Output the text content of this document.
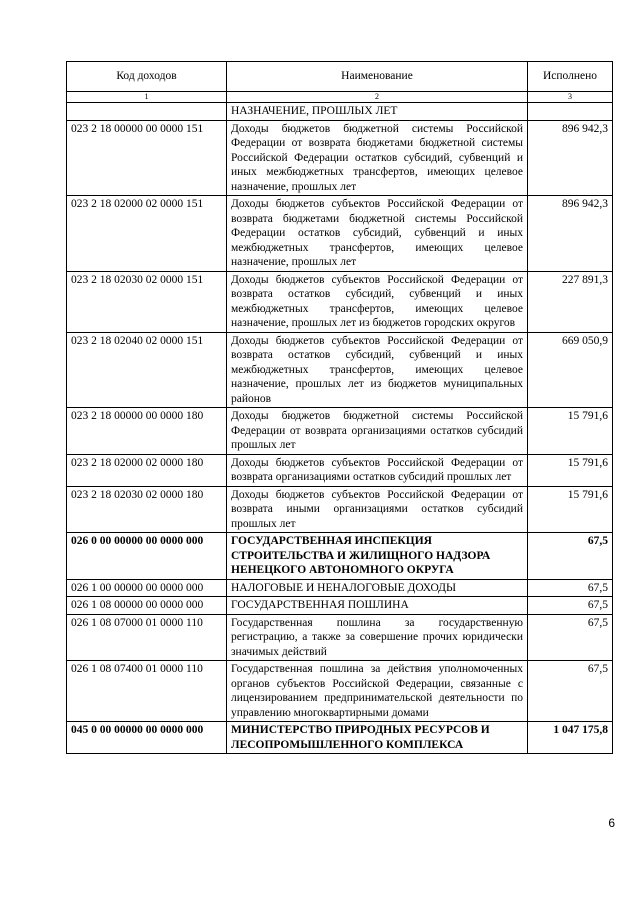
Код доходов	Наименование	Исполнено
1	2	3
	НАЗНАЧЕНИЕ, ПРОШЛЫХ ЛЕТ	
023 2 18 00000 00 0000 151	Доходы бюджетов бюджетной системы Российской Федерации от возврата бюджетами бюджетной системы Российской Федерации остатков субсидий, субвенций и иных межбюджетных трансфертов, имеющих целевое назначение, прошлых лет	896 942,3
023 2 18 02000 02 0000 151	Доходы бюджетов субъектов Российской Федерации от возврата бюджетами бюджетной системы Российской Федерации остатков субсидий, субвенций и иных межбюджетных трансфертов, имеющих целевое назначение, прошлых лет	896 942,3
023 2 18 02030 02 0000 151	Доходы бюджетов субъектов Российской Федерации от возврата остатков субсидий, субвенций и иных межбюджетных трансфертов, имеющих целевое назначение, прошлых лет из бюджетов городских округов	227 891,3
023 2 18 02040 02 0000 151	Доходы бюджетов субъектов Российской Федерации от возврата остатков субсидий, субвенций и иных межбюджетных трансфертов, имеющих целевое назначение, прошлых лет из бюджетов муниципальных районов	669 050,9
023 2 18 00000 00 0000 180	Доходы бюджетов бюджетной системы Российской Федерации от возврата организациями остатков субсидий прошлых лет	15 791,6
023 2 18 02000 02 0000 180	Доходы бюджетов субъектов Российской Федерации от возврата организациями остатков субсидий прошлых лет	15 791,6
023 2 18 02030 02 0000 180	Доходы бюджетов субъектов Российской Федерации от возврата иными организациями остатков субсидий прошлых лет	15 791,6
026 0 00 00000 00 0000 000	ГОСУДАРСТВЕННАЯ ИНСПЕКЦИЯ СТРОИТЕЛЬСТВА И ЖИЛИЩНОГО НАДЗОРА НЕНЕЦКОГО АВТОНОМНОГО ОКРУГА	67,5
026 1 00 00000 00 0000 000	НАЛОГОВЫЕ И НЕНАЛОГОВЫЕ ДОХОДЫ	67,5
026 1 08 00000 00 0000 000	ГОСУДАРСТВЕННАЯ ПОШЛИНА	67,5
026 1 08 07000 01 0000 110	Государственная пошлина за государственную регистрацию, а также за совершение прочих юридически значимых действий	67,5
026 1 08 07400 01 0000 110	Государственная пошлина за действия уполномоченных органов субъектов Российской Федерации, связанные с лицензированием предпринимательской деятельности по управлению многоквартирными домами	67,5
045 0 00 00000 00 0000 000	МИНИСТЕРСТВО ПРИРОДНЫХ РЕСУРСОВ И ЛЕСОПРОМЫШЛЕННОГО КОМПЛЕКСА	1 047 175,8
6
